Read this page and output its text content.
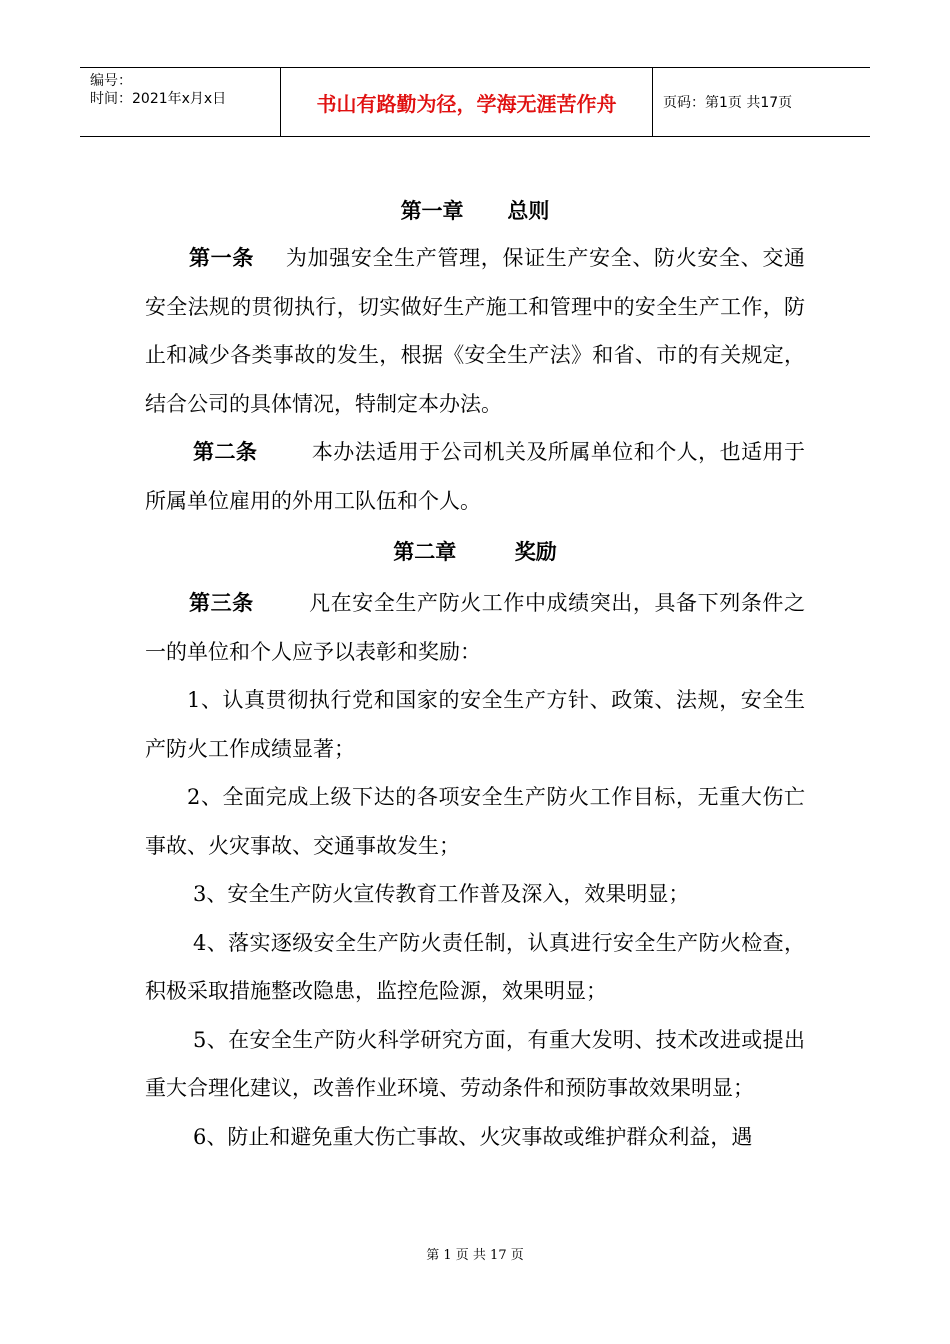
编号：
时间：2021年x月x日	书山有路勤为径，学海无涯苦作舟	页码：第1页 共17页
第一章      总则

第一条    为加强安全生产管理，保证生产安全、防火安全、交通安全法规的贯彻执行，切实做好生产施工和管理中的安全生产工作，防止和减少各类事故的发生，根据《安全生产法》和省、市的有关规定，结合公司的具体情况，特制定本办法。

第二条       本办法适用于公司机关及所属单位和个人，也适用于所属单位雇用的外用工队伍和个人。

第二章        奖励

第三条       凡在安全生产防火工作中成绩突出，具备下列条件之一的单位和个人应予以表彰和奖励：

1、认真贯彻执行党和国家的安全生产方针、政策、法规，安全生产防火工作成绩显著；

2、全面完成上级下达的各项安全生产防火工作目标，无重大伤亡事故、火灾事故、交通事故发生；

3、安全生产防火宣传教育工作普及深入，效果明显；

4、落实逐级安全生产防火责任制，认真进行安全生产防火检查，积极采取措施整改隐患，监控危险源，效果明显；

5、在安全生产防火科学研究方面，有重大发明、技术改进或提出重大合理化建议，改善作业环境、劳动条件和预防事故效果明显；

6、防止和避免重大伤亡事故、火灾事故或维护群众利益，遇

第 1 页 共 17 页
